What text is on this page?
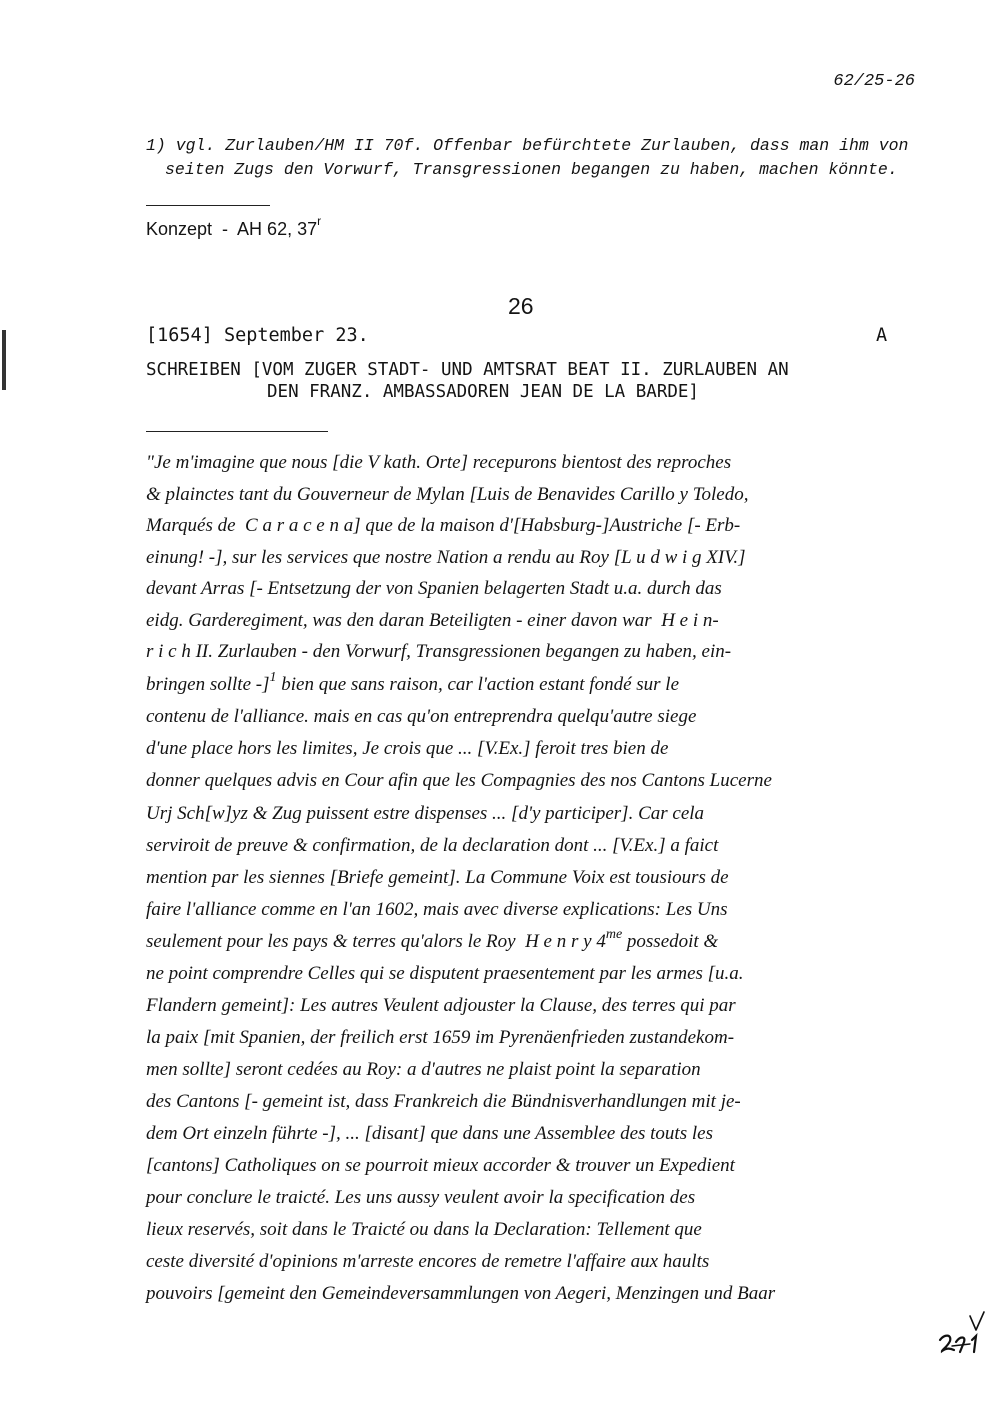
62/25-26
1) vgl. Zurlauben/HM II 70f. Offenbar befürchtete Zurlauben, dass man ihm von
seiten Zugs den Vorwurf, Transgressionen begangen zu haben, machen könnte.
Konzept  -  AH 62, 37$^r$
26
[1654] September 23.	A
SCHREIBEN [VOM ZUGER STADT- UND AMTSRAT BEAT II. ZURLAUBEN AN
DEN FRANZ. AMBASSADOREN JEAN DE LA BARDE]
"Je m'imagine que nous [die V kath. Orte] recepurons bientost des reproches
& plainctes tant du Gouverneur de Mylan [Luis de Benavides Carillo y Toledo,
Marqués de  C a r a c e n a] que de la maison d'[Habsburg-]Austriche [- Erb-
einung! -], sur les services que nostre Nation a rendu au Roy [L u d w i g XIV.]
devant Arras [- Entsetzung der von Spanien belagerten Stadt u.a. durch das
eidg. Garderegiment, was den daran Beteiligten - einer davon war  H e i n-
r i c h II. Zurlauben - den Vorwurf, Transgressionen begangen zu haben, ein-
bringen sollte -]$^1$ bien que sans raison, car l'action estant fondé sur le
contenu de l'alliance. mais en cas qu'on entreprendra quelqu'autre siege
d'une place hors les limites, Je crois que ... [V.Ex.] feroit tres bien de
donner quelques advis en Cour afin que les Compagnies des nos Cantons Lucerne
Urj Sch[w]yz & Zug puissent estre dispenses ... [d'y participer]. Car cela
serviroit de preuve & confirmation, de la declaration dont ... [V.Ex.] a faict
mention par les siennes [Briefe gemeint]. La Commune Voix est tousiours de
faire l'alliance comme en l'an 1602, mais avec diverse explications: Les Uns
seulement pour les pays & terres qu'alors le Roy  H e n r y $4^{me}$ possedoit &
ne point comprendre Celles qui se disputent praesentement par les armes [u.a.
Flandern gemeint]: Les autres Veulent adjouster la Clause, des terres qui par
la paix [mit Spanien, der freilich erst 1659 im Pyrenäenfrieden zustandekom-
men sollte] seront cedées au Roy: a d'autres ne plaist point la separation
des Cantons [- gemeint ist, dass Frankreich die Bündnisverhandlungen mit je-
dem Ort einzeln führte -], ... [disant] que dans une Assemblee des touts les
[cantons] Catholiques on se pourroit mieux accorder & trouver un Expedient
pour conclure le traicté. Les uns aussy veulent avoir la specification des
lieux reservés, soit dans le Traicté ou dans la Declaration: Tellement que
ceste diversité d'opinions m'arreste encores de remetre l'affaire aux haults
pouvoirs [gemeint den Gemeindeversammlungen von Aegeri, Menzingen und Baar
